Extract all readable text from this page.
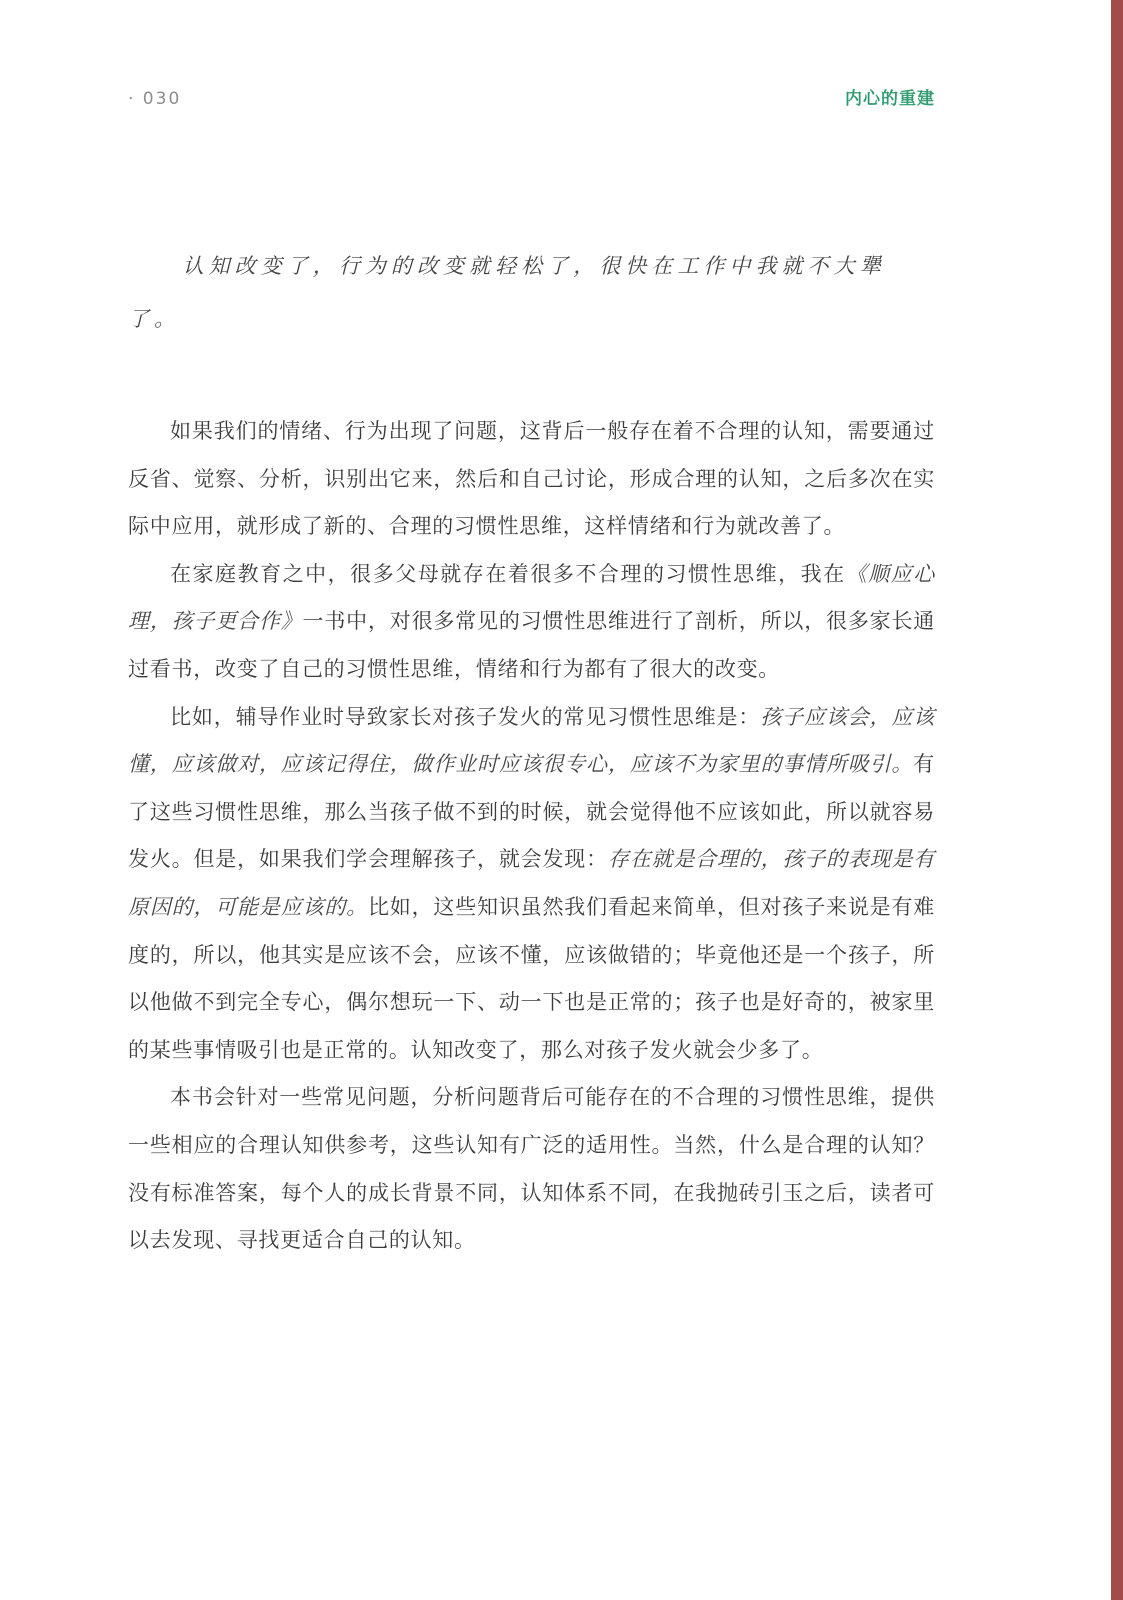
· 030	内心的重建

认知改变了，行为的改变就轻松了，很快在工作中我就不大犟了。

如果我们的情绪、行为出现了问题，这背后一般存在着不合理的认知，需要通过反省、觉察、分析，识别出它来，然后和自己讨论，形成合理的认知，之后多次在实际中应用，就形成了新的、合理的习惯性思维，这样情绪和行为就改善了。

在家庭教育之中，很多父母就存在着很多不合理的习惯性思维，我在《顺应心理，孩子更合作》一书中，对很多常见的习惯性思维进行了剖析，所以，很多家长通过看书，改变了自己的习惯性思维，情绪和行为都有了很大的改变。

比如，辅导作业时导致家长对孩子发火的常见习惯性思维是：孩子应该会，应该懂，应该做对，应该记得住，做作业时应该很专心，应该不为家里的事情所吸引。有了这些习惯性思维，那么当孩子做不到的时候，就会觉得他不应该如此，所以就容易发火。但是，如果我们学会理解孩子，就会发现：存在就是合理的，孩子的表现是有原因的，可能是应该的。比如，这些知识虽然我们看起来简单，但对孩子来说是有难度的，所以，他其实是应该不会，应该不懂，应该做错的；毕竟他还是一个孩子，所以他做不到完全专心，偶尔想玩一下、动一下也是正常的；孩子也是好奇的，被家里的某些事情吸引也是正常的。认知改变了，那么对孩子发火就会少多了。

本书会针对一些常见问题，分析问题背后可能存在的不合理的习惯性思维，提供一些相应的合理认知供参考，这些认知有广泛的适用性。当然，什么是合理的认知？没有标准答案，每个人的成长背景不同，认知体系不同，在我抛砖引玉之后，读者可以去发现、寻找更适合自己的认知。
